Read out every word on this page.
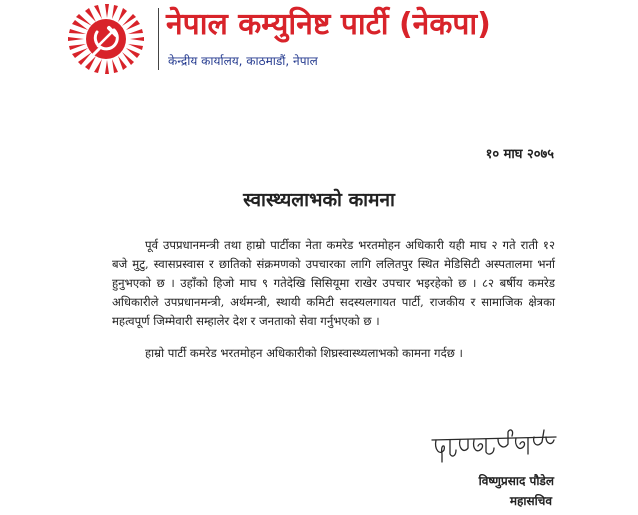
नेपाल कम्युनिष्ट पार्टी (नेकपा)
केन्द्रीय कार्यालय, काठमाडौं, नेपाल
१० माघ २०७५
स्वास्थ्यलाभको कामना

पूर्व उपप्रधानमन्त्री तथा हाम्रो पार्टीका नेता कमरेड भरतमोहन अधिकारी यही माघ २ गते राती १२ बजे मुटु, स्वासप्रस्वास र छातिको संक्रमणको उपचारका लागि ललितपुर स्थित मेडिसिटी अस्पतालमा भर्ना हुनुभएको छ । उहाँको हिजो माघ ९ गतेदेखि सिसियूमा राखेर उपचार भइरहेको छ । ८२ बर्षीय कमरेड अधिकारीले उपप्रधानमन्त्री, अर्थमन्त्री, स्थायी कमिटी सदस्यलगायत पार्टी, राजकीय र सामाजिक क्षेत्रका महत्वपूर्ण जिम्मेवारी सम्हालेर देश र जनताको सेवा गर्नुभएको छ ।

हाम्रो पार्टी कमरेड भरतमोहन अधिकारीको शिघ्रस्वास्थ्यलाभको कामना गर्दछ ।

विष्णुप्रसाद पौडेल
महासचिव
